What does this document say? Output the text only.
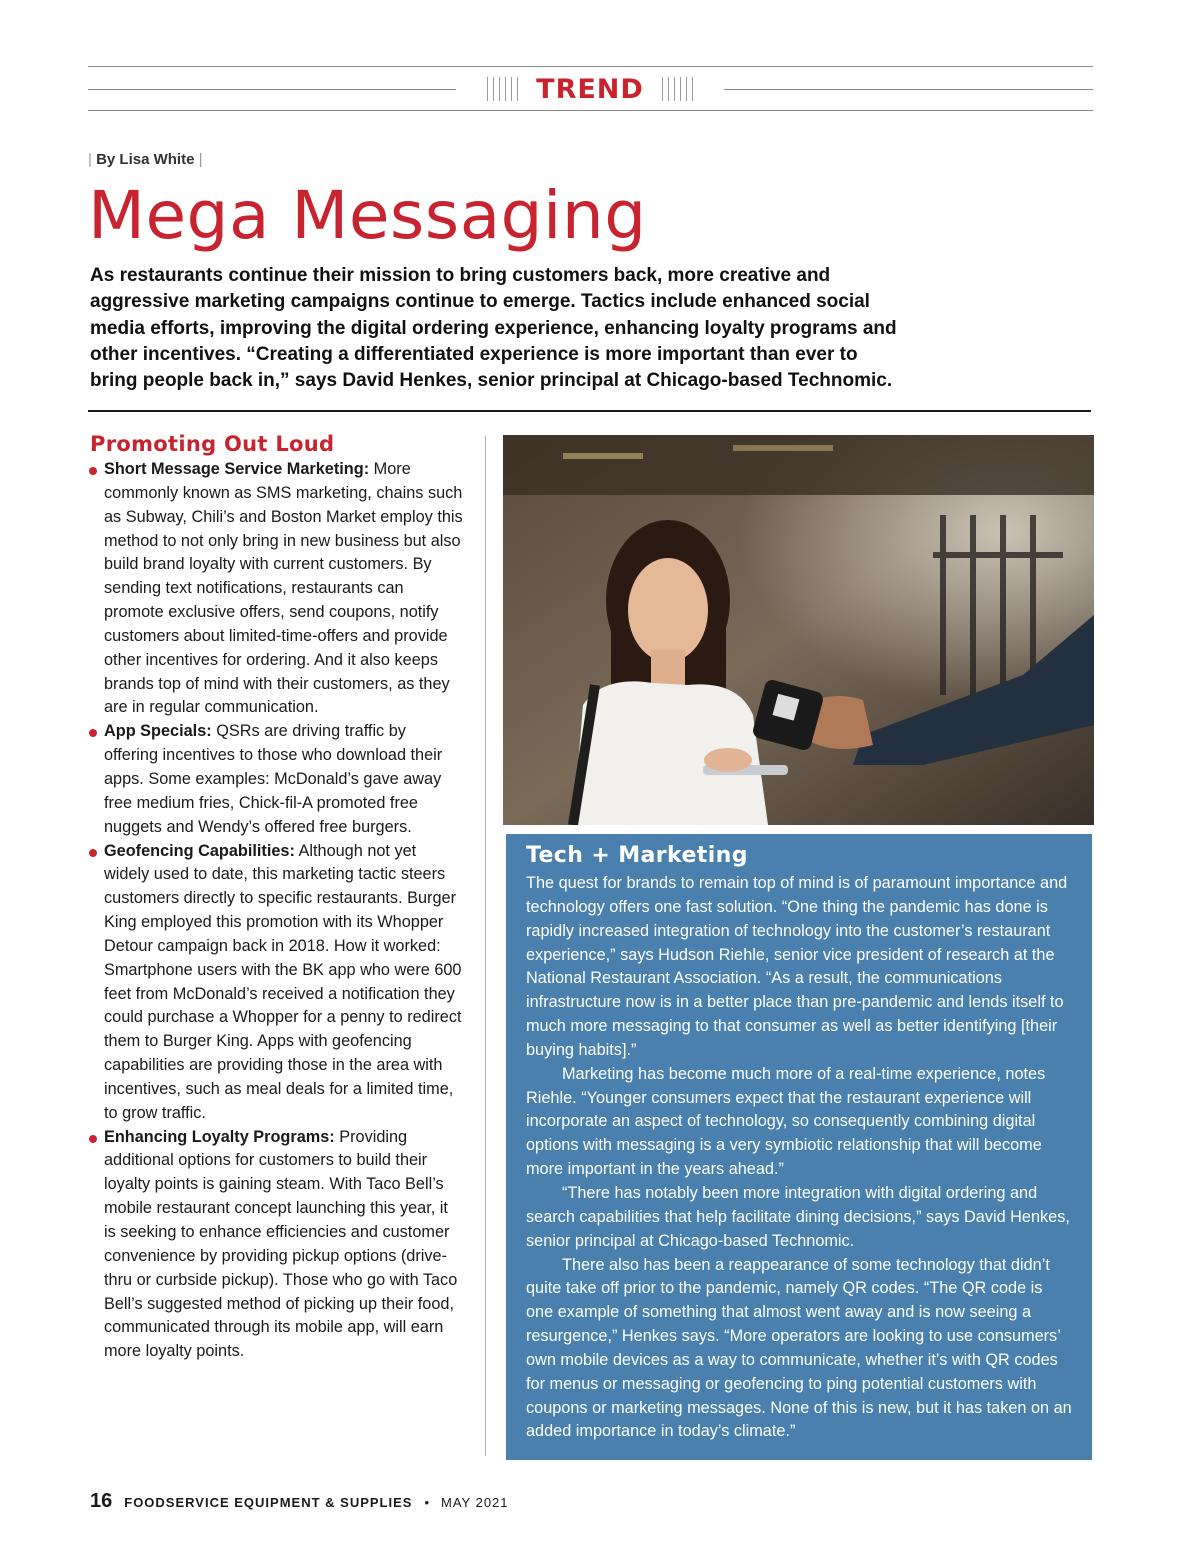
TREND
| By Lisa White |
Mega Messaging

As restaurants continue their mission to bring customers back, more creative and aggressive marketing campaigns continue to emerge. Tactics include enhanced social media efforts, improving the digital ordering experience, enhancing loyalty programs and other incentives. “Creating a differentiated experience is more important than ever to bring people back in,” says David Henkes, senior principal at Chicago-based Technomic.

Promoting Out Loud
Short Message Service Marketing: More commonly known as SMS marketing, chains such as Subway, Chili’s and Boston Market employ this method to not only bring in new business but also build brand loyalty with current customers. By sending text notifications, restaurants can promote exclusive offers, send coupons, notify customers about limited-time-offers and provide other incentives for ordering. And it also keeps brands top of mind with their customers, as they are in regular communication.
App Specials: QSRs are driving traffic by offering incentives to those who download their apps. Some examples: McDonald’s gave away free medium fries, Chick-fil-A promoted free nuggets and Wendy’s offered free burgers.
Geofencing Capabilities: Although not yet widely used to date, this marketing tactic steers customers directly to specific restaurants. Burger King employed this promotion with its Whopper Detour campaign back in 2018. How it worked: Smartphone users with the BK app who were 600 feet from McDonald’s received a notification they could purchase a Whopper for a penny to redirect them to Burger King. Apps with geofencing capabilities are providing those in the area with incentives, such as meal deals for a limited time, to grow traffic.
Enhancing Loyalty Programs: Providing additional options for customers to build their loyalty points is gaining steam. With Taco Bell’s mobile restaurant concept launching this year, it is seeking to enhance efficiencies and customer convenience by providing pickup options (drive-thru or curbside pickup). Those who go with Taco Bell’s suggested method of picking up their food, communicated through its mobile app, will earn more loyalty points.
Tech + Marketing

The quest for brands to remain top of mind is of paramount importance and technology offers one fast solution. “One thing the pandemic has done is rapidly increased integration of technology into the customer’s restaurant experience,” says Hudson Riehle, senior vice president of research at the National Restaurant Association. “As a result, the communications infrastructure now is in a better place than pre-pandemic and lends itself to much more messaging to that consumer as well as better identifying [their buying habits].”

Marketing has become much more of a real-time experience, notes Riehle. “Younger consumers expect that the restaurant experience will incorporate an aspect of technology, so consequently combining digital options with messaging is a very symbiotic relationship that will become more important in the years ahead.”

“There has notably been more integration with digital ordering and search capabilities that help facilitate dining decisions,” says David Henkes, senior principal at Chicago-based Technomic.

There also has been a reappearance of some technology that didn’t quite take off prior to the pandemic, namely QR codes. “The QR code is one example of something that almost went away and is now seeing a resurgence,” Henkes says. “More operators are looking to use consumers’ own mobile devices as a way to communicate, whether it’s with QR codes for menus or messaging or geofencing to ping potential customers with coupons or marketing messages. None of this is new, but it has taken on an added importance in today’s climate.”

16 FOODSERVICE EQUIPMENT & SUPPLIES • MAY 2021
